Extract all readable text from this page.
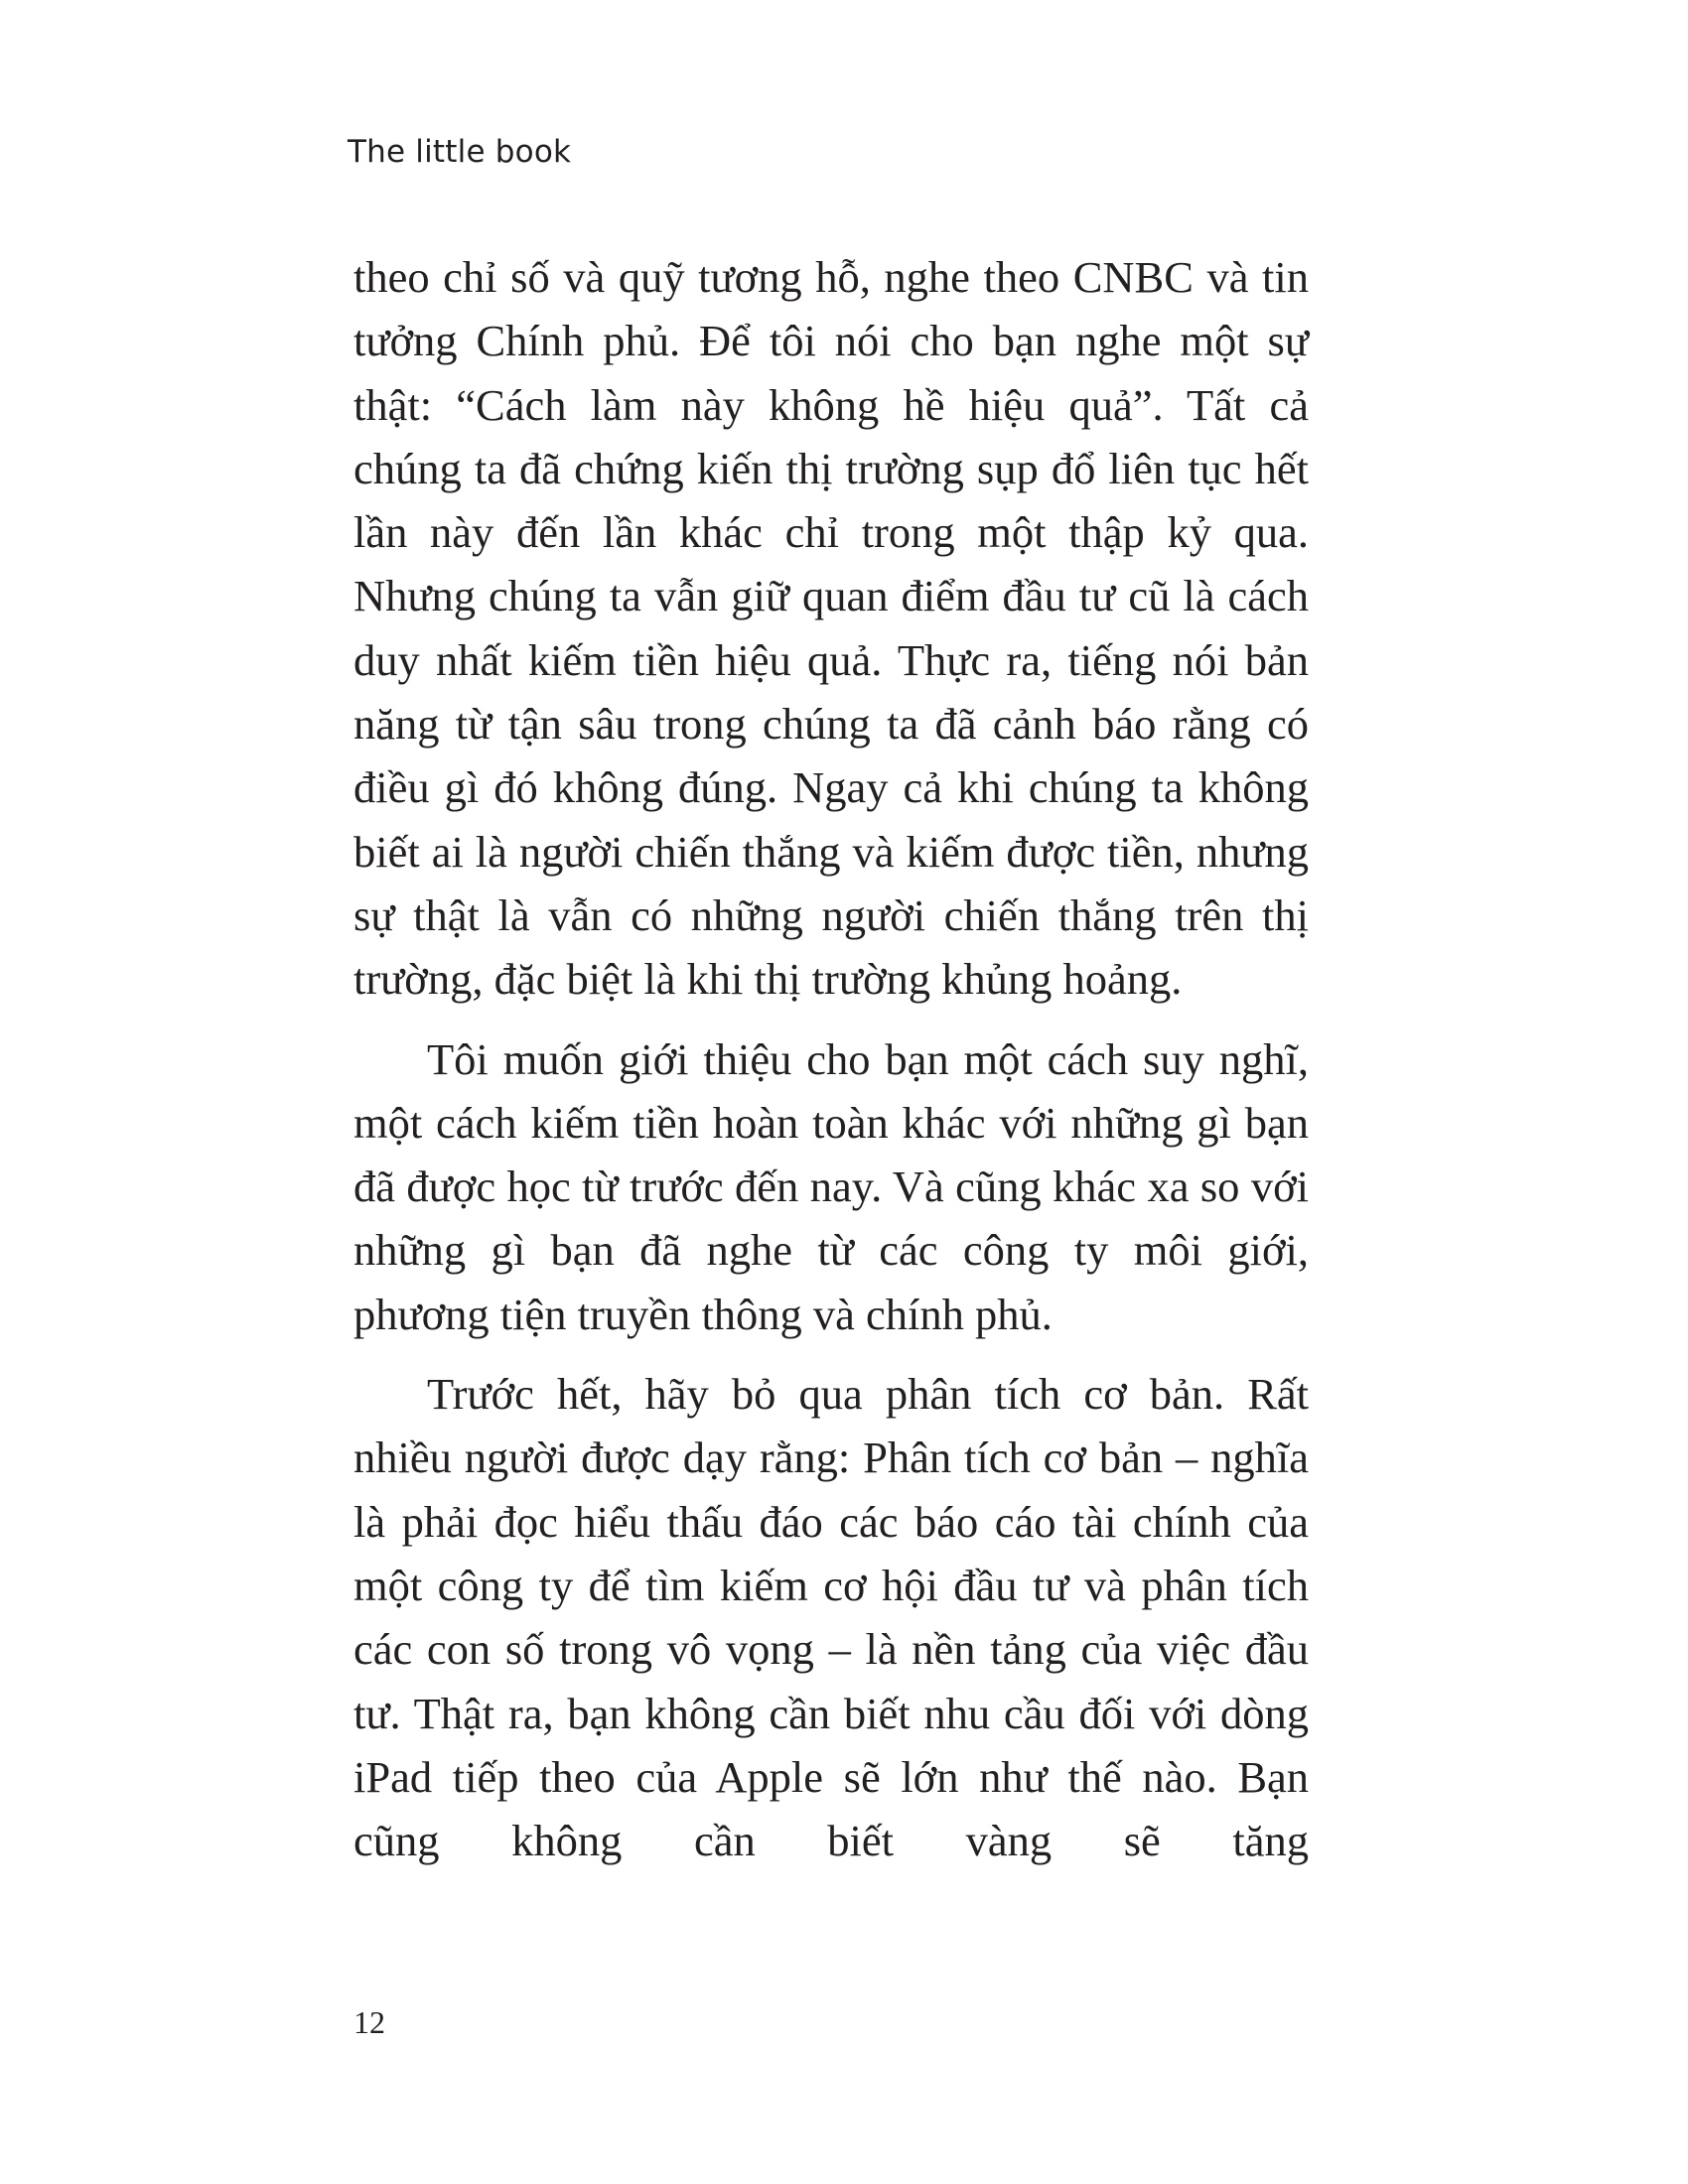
The little book

theo chỉ số và quỹ tương hỗ, nghe theo CNBC và tin tưởng Chính phủ. Để tôi nói cho bạn nghe một sự thật: “Cách làm này không hề hiệu quả”. Tất cả chúng ta đã chứng kiến thị trường sụp đổ liên tục hết lần này đến lần khác chỉ trong một thập kỷ qua. Nhưng chúng ta vẫn giữ quan điểm đầu tư cũ là cách duy nhất kiếm tiền hiệu quả. Thực ra, tiếng nói bản năng từ tận sâu trong chúng ta đã cảnh báo rằng có điều gì đó không đúng. Ngay cả khi chúng ta không biết ai là người chiến thắng và kiếm được tiền, nhưng sự thật là vẫn có những người chiến thắng trên thị trường, đặc biệt là khi thị trường khủng hoảng.

Tôi muốn giới thiệu cho bạn một cách suy nghĩ, một cách kiếm tiền hoàn toàn khác với những gì bạn đã được học từ trước đến nay. Và cũng khác xa so với những gì bạn đã nghe từ các công ty môi giới, phương tiện truyền thông và chính phủ.

Trước hết, hãy bỏ qua phân tích cơ bản. Rất nhiều người được dạy rằng: Phân tích cơ bản – nghĩa là phải đọc hiểu thấu đáo các báo cáo tài chính của một công ty để tìm kiếm cơ hội đầu tư và phân tích các con số trong vô vọng – là nền tảng của việc đầu tư. Thật ra, bạn không cần biết nhu cầu đối với dòng iPad tiếp theo của Apple sẽ lớn như thế nào. Bạn cũng không cần biết vàng sẽ tăng

12
